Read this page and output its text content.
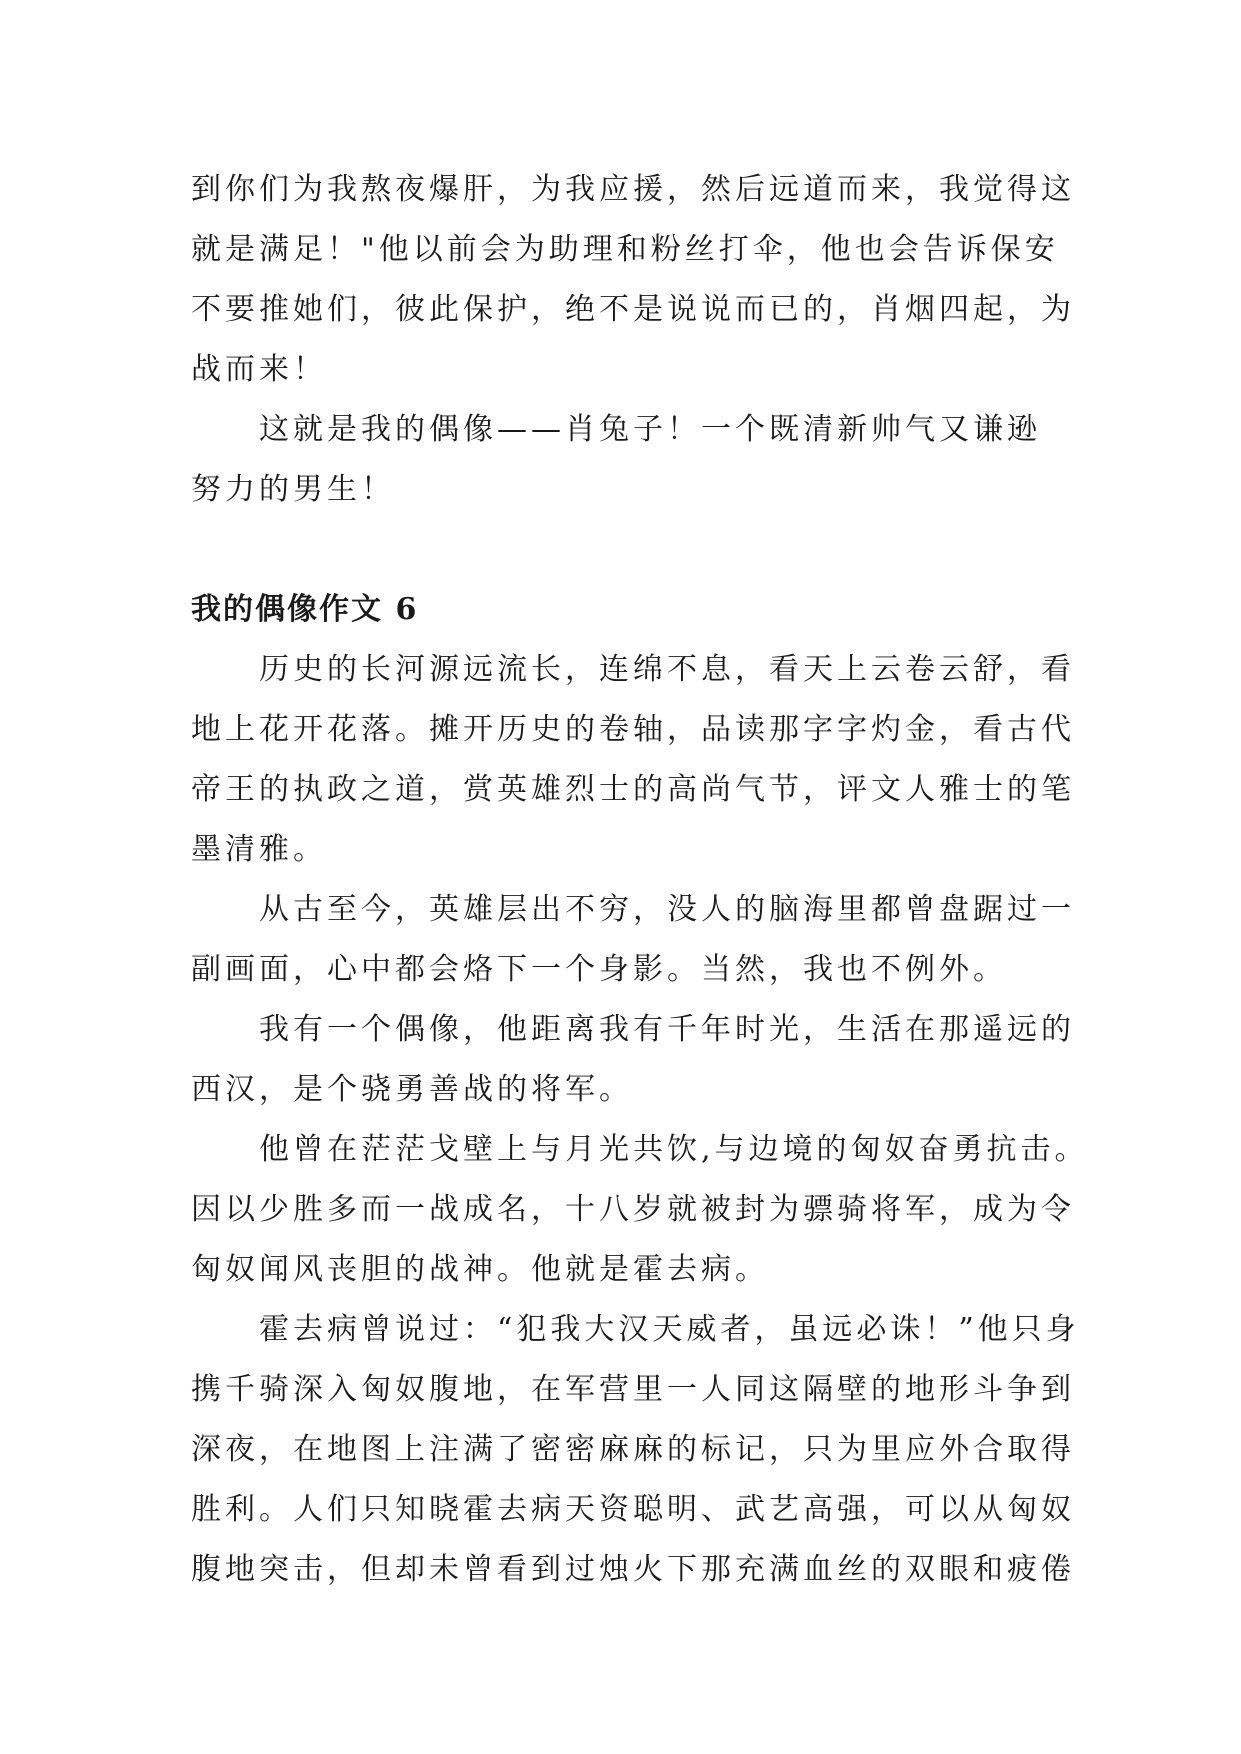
到你们为我熬夜爆肝，为我应援，然后远道而来，我觉得这
就是满足！"他以前会为助理和粉丝打伞，他也会告诉保安
不要推她们，彼此保护，绝不是说说而已的，肖烟四起，为
战而来！

这就是我的偶像——肖兔子！一个既清新帅气又谦逊
努力的男生！

我的偶像作文 6

历史的长河源远流长，连绵不息，看天上云卷云舒，看
地上花开花落。摊开历史的卷轴，品读那字字灼金，看古代
帝王的执政之道，赏英雄烈士的高尚气节，评文人雅士的笔
墨清雅。

从古至今，英雄层出不穷，没人的脑海里都曾盘踞过一
副画面，心中都会烙下一个身影。当然，我也不例外。

我有一个偶像，他距离我有千年时光，生活在那遥远的
西汉，是个骁勇善战的将军。

他曾在茫茫戈壁上与月光共饮,与边境的匈奴奋勇抗击。
因以少胜多而一战成名，十八岁就被封为骠骑将军，成为令
匈奴闻风丧胆的战神。他就是霍去病。

霍去病曾说过：“犯我大汉天威者，虽远必诛！”他只身
携千骑深入匈奴腹地，在军营里一人同这隔壁的地形斗争到
深夜，在地图上注满了密密麻麻的标记，只为里应外合取得
胜利。人们只知晓霍去病天资聪明、武艺高强，可以从匈奴
腹地突击，但却未曾看到过烛火下那充满血丝的双眼和疲倦
